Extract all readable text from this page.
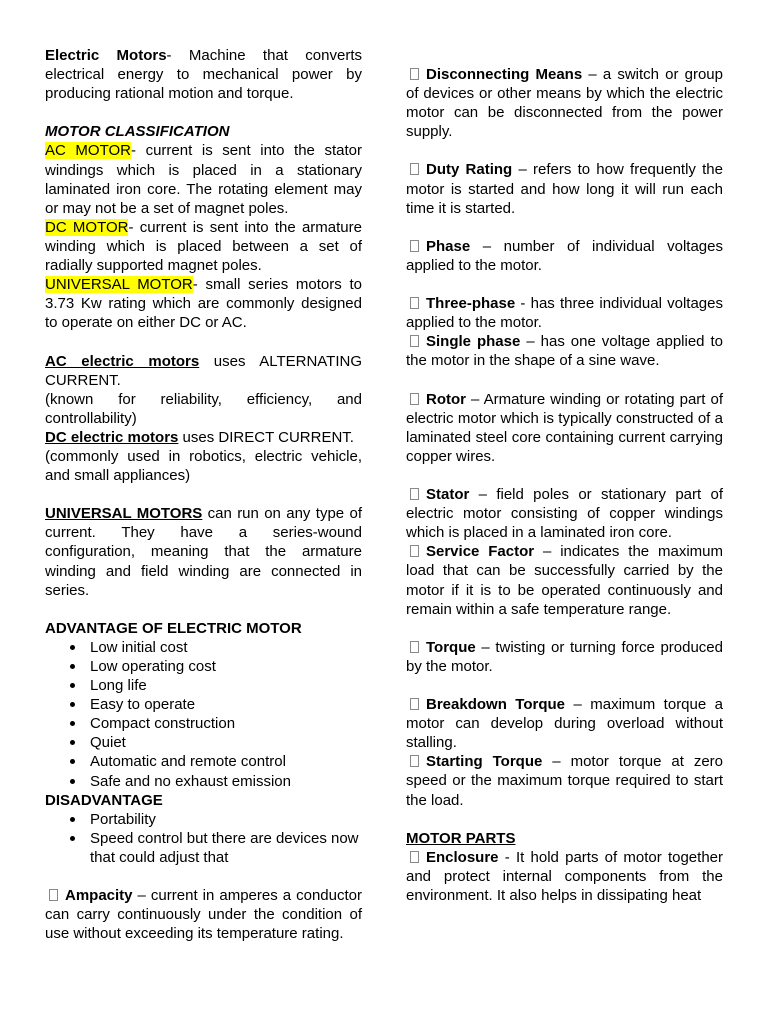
Electric Motors- Machine that converts electrical energy to mechanical power by producing rational motion and torque.

MOTOR CLASSIFICATION

AC MOTOR- current is sent into the stator windings which is placed in a stationary laminated iron core. The rotating element may or may not be a set of magnet poles.

DC MOTOR- current is sent into the armature winding which is placed between a set of radially supported magnet poles.

UNIVERSAL MOTOR- small series motors to 3.73 Kw rating which are commonly designed to operate on either DC or AC.

AC electric motors uses ALTERNATING CURRENT.

(known for reliability, efficiency, and controllability)

DC electric motors uses DIRECT CURRENT.

(commonly used in robotics, electric vehicle, and small appliances)

UNIVERSAL MOTORS can run on any type of current. They have a series-wound configuration, meaning that the armature winding and field winding are connected in series.

ADVANTAGE OF ELECTRIC MOTOR

Low initial cost
Low operating cost
Long life
Easy to operate
Compact construction
Quiet
Automatic and remote control
Safe and no exhaust emission

DISADVANTAGE

Portability
Speed control but there are devices now that could adjust that

Ampacity – current in amperes a conductor can carry continuously under the condition of use without exceeding its temperature rating.

Disconnecting Means – a switch or group of devices or other means by which the electric motor can be disconnected from the power supply.

Duty Rating – refers to how frequently the motor is started and how long it will run each time it is started.

Phase – number of individual voltages applied to the motor.

Three-phase - has three individual voltages applied to the motor.

Single phase – has one voltage applied to the motor in the shape of a sine wave.

Rotor – Armature winding or rotating part of electric motor which is typically constructed of a laminated steel core containing current carrying copper wires.

Stator – field poles or stationary part of electric motor consisting of copper windings which is placed in a laminated iron core.

Service Factor – indicates the maximum load that can be successfully carried by the motor if it is to be operated continuously and remain within a safe temperature range.

Torque – twisting or turning force produced by the motor.

Breakdown Torque – maximum torque a motor can develop during overload without stalling.

Starting Torque – motor torque at zero speed or the maximum torque required to start the load.

MOTOR PARTS

Enclosure - It hold parts of motor together and protect internal components from the environment. It also helps in dissipating heat
